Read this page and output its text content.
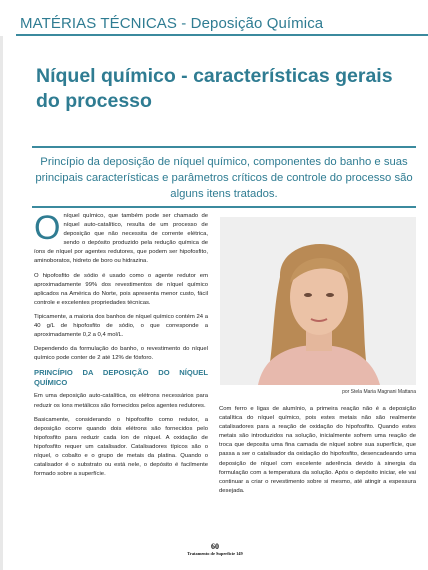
MATÉRIAS TÉCNICAS - Deposição Química
Níquel químico - características gerais do processo

Princípio da deposição de níquel químico, componentes do banho e suas principais características e parâmetros críticos de controle do processo são alguns itens tratados.

Oníquel químico, que também pode ser chamado de níquel auto-catalítico, resulta de um processo de deposição que não necessita de corrente elétrica, sendo o depósito produzido pela redução química de íons de níquel por agentes redutores, que podem ser hipofosfito, aminoboratos, hidreto de boro ou hidrazina.

O hipofosfito de sódio é usado como o agente redutor em aproximadamente 99% dos revestimentos de níquel químico aplicados na América do Norte, pois apresenta menor custo, fácil controle e excelentes propriedades técnicas.

Tipicamente, a maioria dos banhos de níquel químico contém 24 a 40 g/L de hipofosfito de sódio, o que corresponde a aproximadamente 0,2 a 0,4 mol/L.

Dependendo da formulação do banho, o revestimento do níquel químico pode conter de 2 até 12% de fósforo.

PRINCÍPIO DA DEPOSIÇÃO DO NÍQUEL QUÍMICO

Em uma deposição auto-catalítica, os elétrons necessários para reduzir os íons metálicos são fornecidos pelos agentes redutores.

Basicamente, considerando o hipofosfito como redutor, a deposição ocorre quando dois elétrons são fornecidos pelo hipofosfito para reduzir cada íon de níquel. A oxidação de hipofosfito requer um catalisador. Catalisadores típicos são o níquel, o cobalto e o grupo de metais da platina. Quando o catalisador é o substrato ou está nele, o depósito é facilmente formado sobre a superfície.

por Stela Maria Magnani Mattana

Com ferro e ligas de alumínio, a primeira reação não é a deposição catalítica do níquel químico, pois estes metais não são realmente catalisadores para a reação de oxidação do hipofosfito. Quando estes metais são introduzidos na solução, inicialmente sofrem uma reação de troca que deposita uma fina camada de níquel sobre sua superfície, que passa a ser o catalisador da oxidação do hipofosfito, desencadeando uma deposição de níquel com excelente aderência devido à sinergia da formulação com a temperatura da solução. Após o depósito iniciar, ele vai continuar a criar o revestimento sobre si mesmo, até atingir a espessura desejada.

60
Tratamento de Superfície 149
